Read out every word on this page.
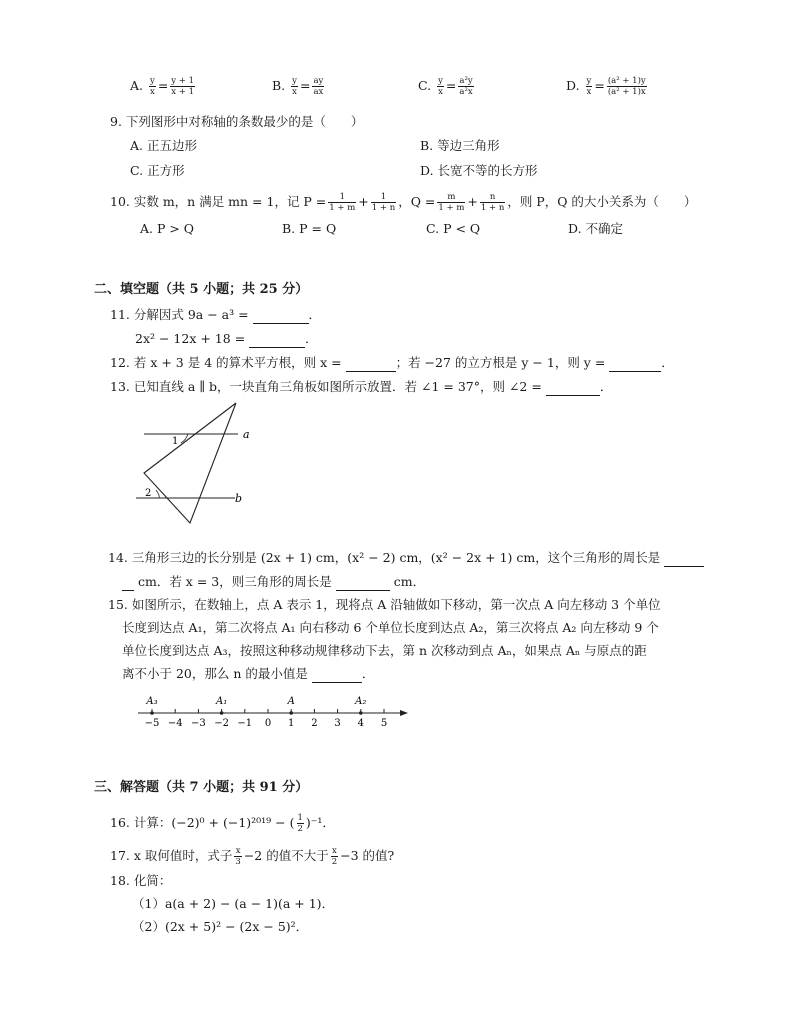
A. $\frac{y}{x} = \frac{y + 1}{x + 1}$	B. $\frac{y}{x} = \frac{ay}{ax}$	C. $\frac{y}{x} = \frac{\text{a²y}}{\text{a²x}}$	D. $\frac{y}{x} = \frac{\text{(a² + 1)y}}{\text{(a² + 1)x}}$
9. 下列图形中对称轴的条数最少的是（　　）
A. 正五边形	B. 等边三角形
C. 正方形	D. 长宽不等的长方形
10. 实数 m，n 满足 mn = 1，记 $P = \frac{1}{1 + m} + \frac{1}{1 + n}$ ，$Q = \frac{m}{1 + m} + \frac{n}{1 + n}$ ，则 P，Q 的大小关系为（　　）
A. P > Q	B. P = Q	C. P < Q	D. 不确定
二、填空题（共 5 小题；共 25 分）
11. 分解因式 9a − a³ =	．
2x² − 12x + 18 =	．
12. 若 x + 3 是 4 的算术平方根，则 x =	；若 −27 的立方根是 y − 1，则 y =	．
13. 已知直线 a ∥ b，一块直角三角板如图所示放置．若 ∠1 = 37°，则 ∠2 =	．
a
b
1
2
14. 三角形三边的长分别是 (2x + 1) cm，(x² − 2) cm，(x² − 2x + 1) cm，这个三角形的周长是
cm．若 x = 3，则三角形的周长是	cm．
15. 如图所示，在数轴上，点 A 表示 1，现将点 A 沿轴做如下移动，第一次点 A 向左移动 3 个单位
长度到达点 A₁，第二次将点 A₁ 向右移动 6 个单位长度到达点 A₂，第三次将点 A₂ 向左移动 9 个
单位长度到达点 A₃，按照这种移动规律移动下去，第 n 次移动到点 Aₙ，如果点 Aₙ 与原点的距
离不小于 20，那么 n 的最小值是	．
−5 −4 −3 −2 −1 0 1 2 3 4 5
A₃	A₁	A	A₂
三、解答题（共 7 小题；共 91 分）
16. 计算：(−2)⁰ + (−1)²⁰¹⁹ − ( $\frac{1}{2} )^{-1}$．
17. x 取何值时，式子 $\frac{x}{3} -2$ 的值不大于 $\frac{x}{2} -3$ 的值?
18. 化简：
（1）a(a + 2) − (a − 1)(a + 1)．
（2）(2x + 5)² − (2x − 5)²．
